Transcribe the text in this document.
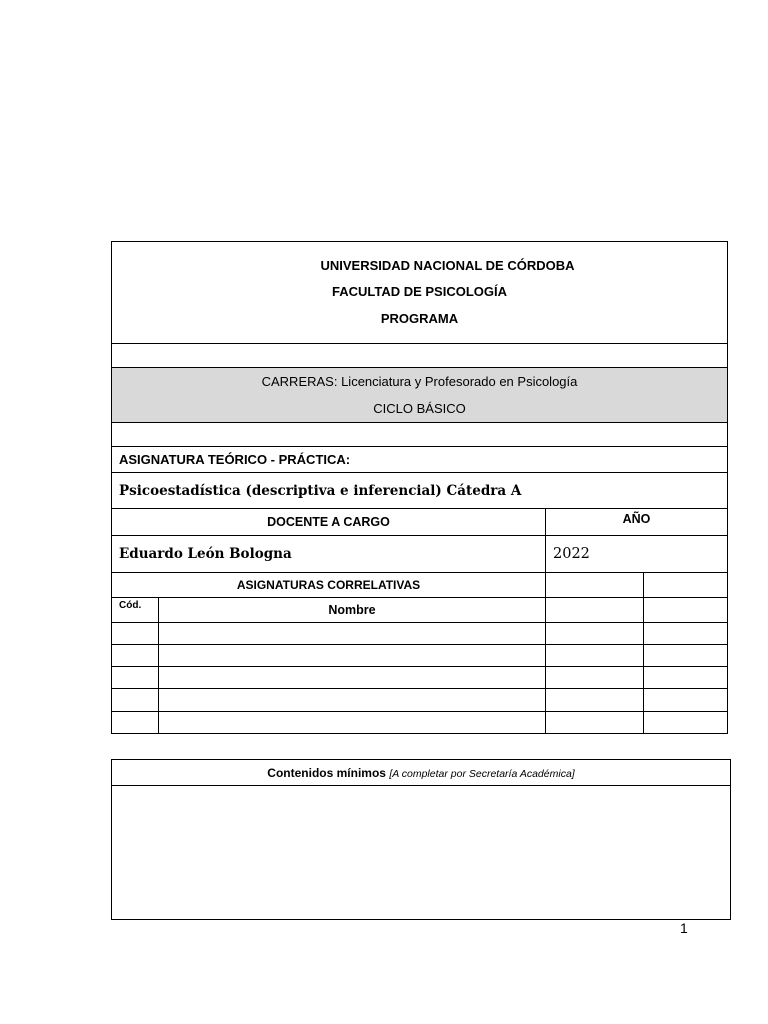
UNIVERSIDAD NACIONAL DE CÓRDOBA
FACULTAD DE PSICOLOGÍA
PROGRAMA			

CARRERAS: Licenciatura y Profesorado en Psicología
CICLO BÁSICO			

ASIGNATURA TEÓRICO - PRÁCTICA:			
Psicoestadística (descriptiva e inferencial) Cátedra A			
DOCENTE A CARGO		AÑO	
Eduardo León Bologna		2022	
ASIGNATURAS CORRELATIVAS			
Cód.	Nombre		

Contenidos mínimos [A completar por Secretaría Académica]

1
